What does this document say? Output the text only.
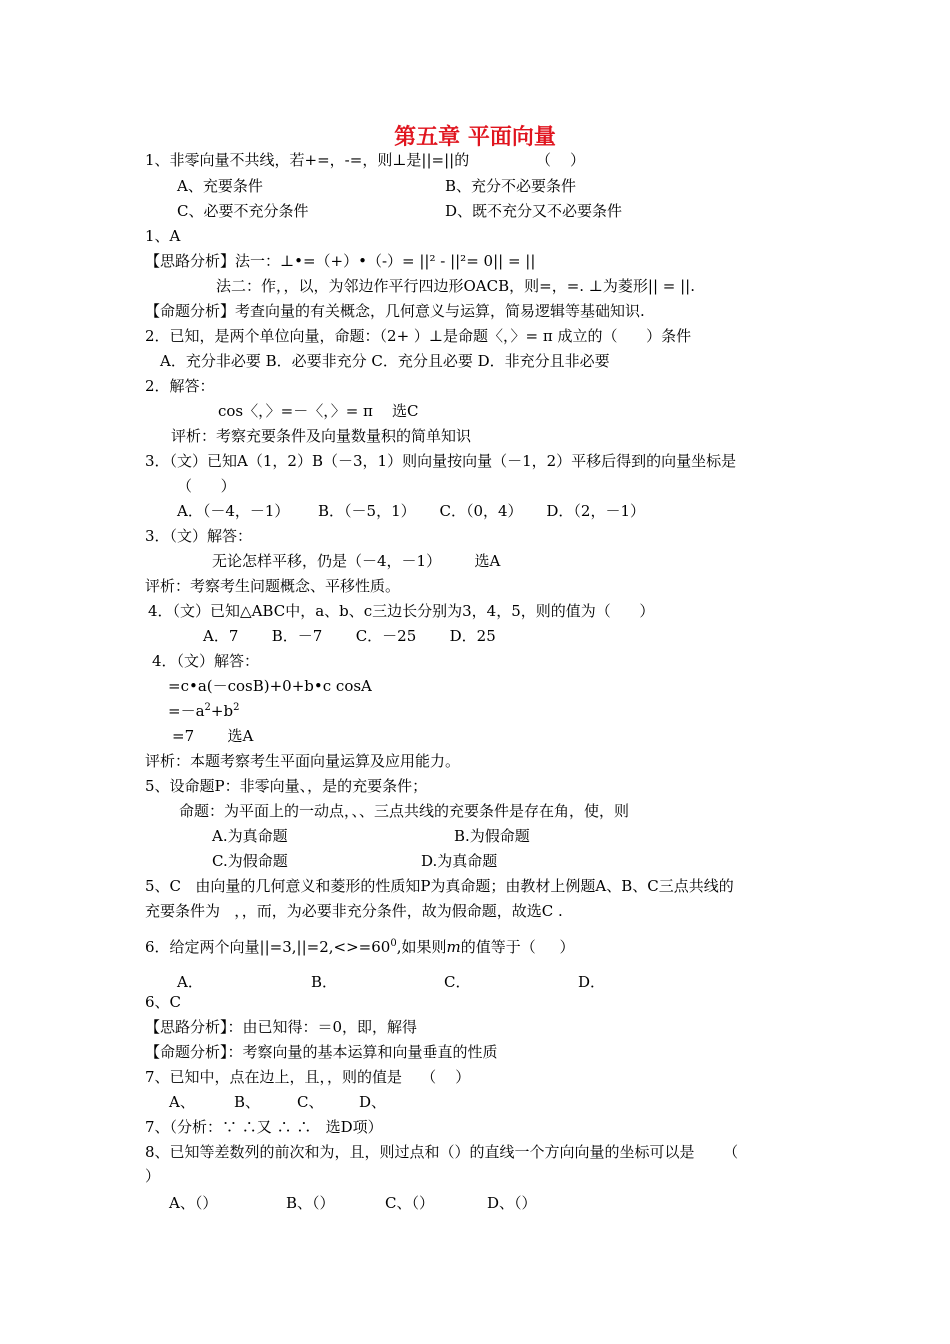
第五章 平面向量
1、非零向量不共线，若+=，-=，则⊥是||=||的              （    ）
A、充要条件	B、充分不必要条件
C、必要不充分条件	D、既不充分又不必要条件
1、A
【思路分析】法一：⊥•=（+）•（-）= ||² - ||²= 0|| = ||
法二：作，，以，为邻边作平行四边形OACB，则=，=. ⊥为菱形|| = ||.
【命题分析】考查向量的有关概念，几何意义与运算，简易逻辑等基础知识.
2．已知，是两个单位向量，命题：（2+ ）⊥是命题〈，〉= π 成立的（      ）条件
A．充分非必要 B．必要非充分 C．充分且必要 D．非充分且非必要
2．解答：
cos〈，〉=－〈，〉= π    选C
评析：考察充要条件及向量数量积的简单知识
3．（文）已知A（1，2）B（－3，1）则向量按向量（－1，2）平移后得到的向量坐标是
（      ）
A．（－4，－1）      B．（－5，1）     C．（0，4）     D．（2，－1）
3．（文）解答：
无论怎样平移，仍是（－4，－1）       选A
评析：考察考生问题概念、平移性质。
4．（文）已知△ABC中，a、b、c三边长分别为3，4，5，则的值为（      ）
A．7       B．－7       C．－25       D．25
4．（文）解答：
=c•a(－cosB)+0+b•c cosA
$=-a^2+b^2$
=7       选A
评析：本题考察考生平面向量运算及应用能力。
5、设命题P：非零向量、，是的充要条件；
命题：为平面上的一动点，、、三点共线的充要条件是存在角，使，则
A.为真命题	B.为假命题
C.为假命题	D.为真命题
5、C   由向量的几何意义和菱形的性质知P为真命题；由教材上例题A、B、C三点共线的
充要条件为   ，，而，为必要非充分条件，故为假命题，故选C .
6．给定两个向量$||=3,||=2,<>=60^0$,如果则m的值等于（     ）
A．	B．	C．	D．
6、C
【思路分析】：由已知得：＝0，即，解得
【命题分析】：考察向量的基本运算和向量垂直的性质
7、已知中，点在边上，且，，则的值是    （    ）
A、	B、 C、 D、
7、（分析：∵ ∴又 ∴ ∴   选D项）
8、已知等差数列的前次和为，且，则过点和（）的直线一个方向向量的坐标可以是      （
）
A、（）	B、（）	C、（）	D、（）
